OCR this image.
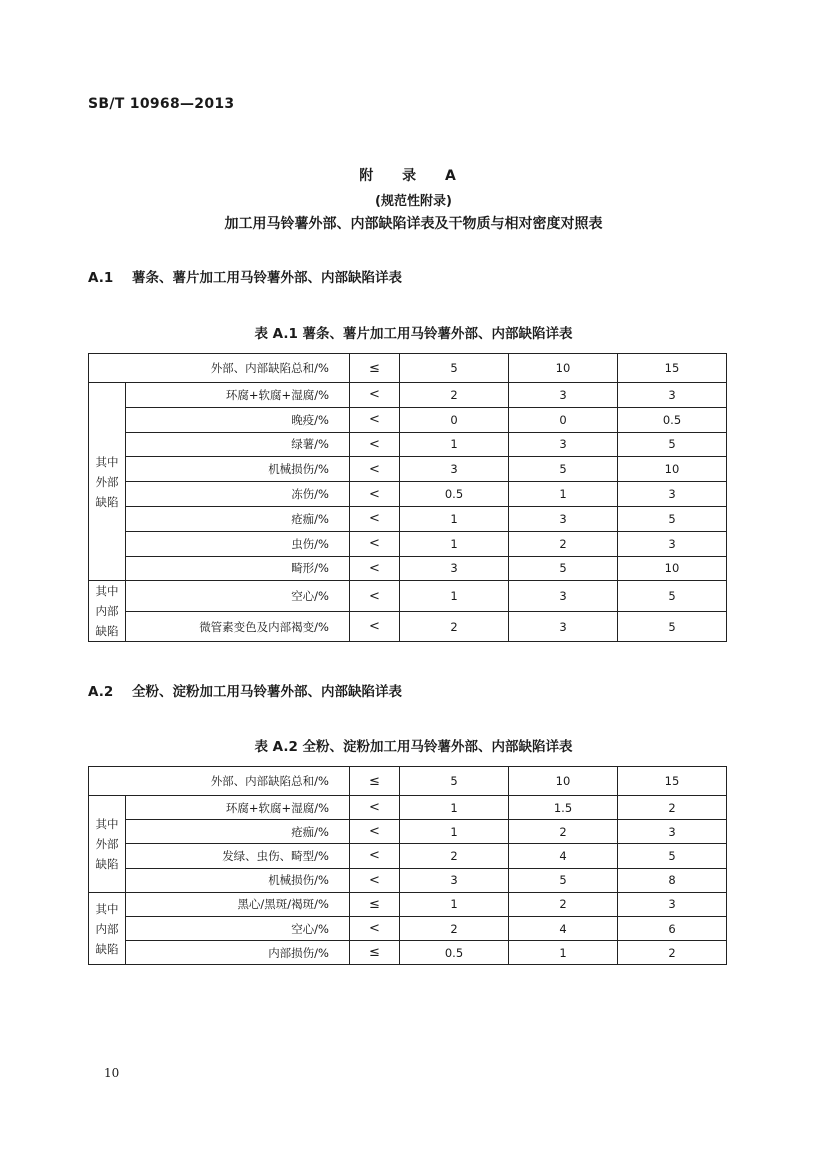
SB/T 10968—2013
附 录 A
(规范性附录)
加工用马铃薯外部、内部缺陷详表及干物质与相对密度对照表
A.1 薯条、薯片加工用马铃薯外部、内部缺陷详表
表 A.1 薯条、薯片加工用马铃薯外部、内部缺陷详表
外部、内部缺陷总和/%		≤	5	10	15
其中
外部
缺陷	环腐+软腐+湿腐/%	<	2	3	3
	晚疫/%	<	0	0	0.5
	绿薯/%	<	1	3	5
	机械损伤/%	<	3	5	10
	冻伤/%	<	0.5	1	3
	疮痂/%	<	1	3	5
	虫伤/%	<	1	2	3
	畸形/%	<	3	5	10
其中
内部
缺陷	空心/%	<	1	3	5
	微管素变色及内部褐变/%	<	2	3	5
A.2 全粉、淀粉加工用马铃薯外部、内部缺陷详表
表 A.2 全粉、淀粉加工用马铃薯外部、内部缺陷详表
外部、内部缺陷总和/%		≤	5	10	15
其中
外部
缺陷	环腐+软腐+湿腐/%	<	1	1.5	2
	疮痂/%	<	1	2	3
	发绿、虫伤、畸型/%	<	2	4	5
	机械损伤/%	<	3	5	8
其中
内部
缺陷	黑心/黑斑/褐斑/%	≤	1	2	3
	空心/%	<	2	4	6
	内部损伤/%	≤	0.5	1	2
10
